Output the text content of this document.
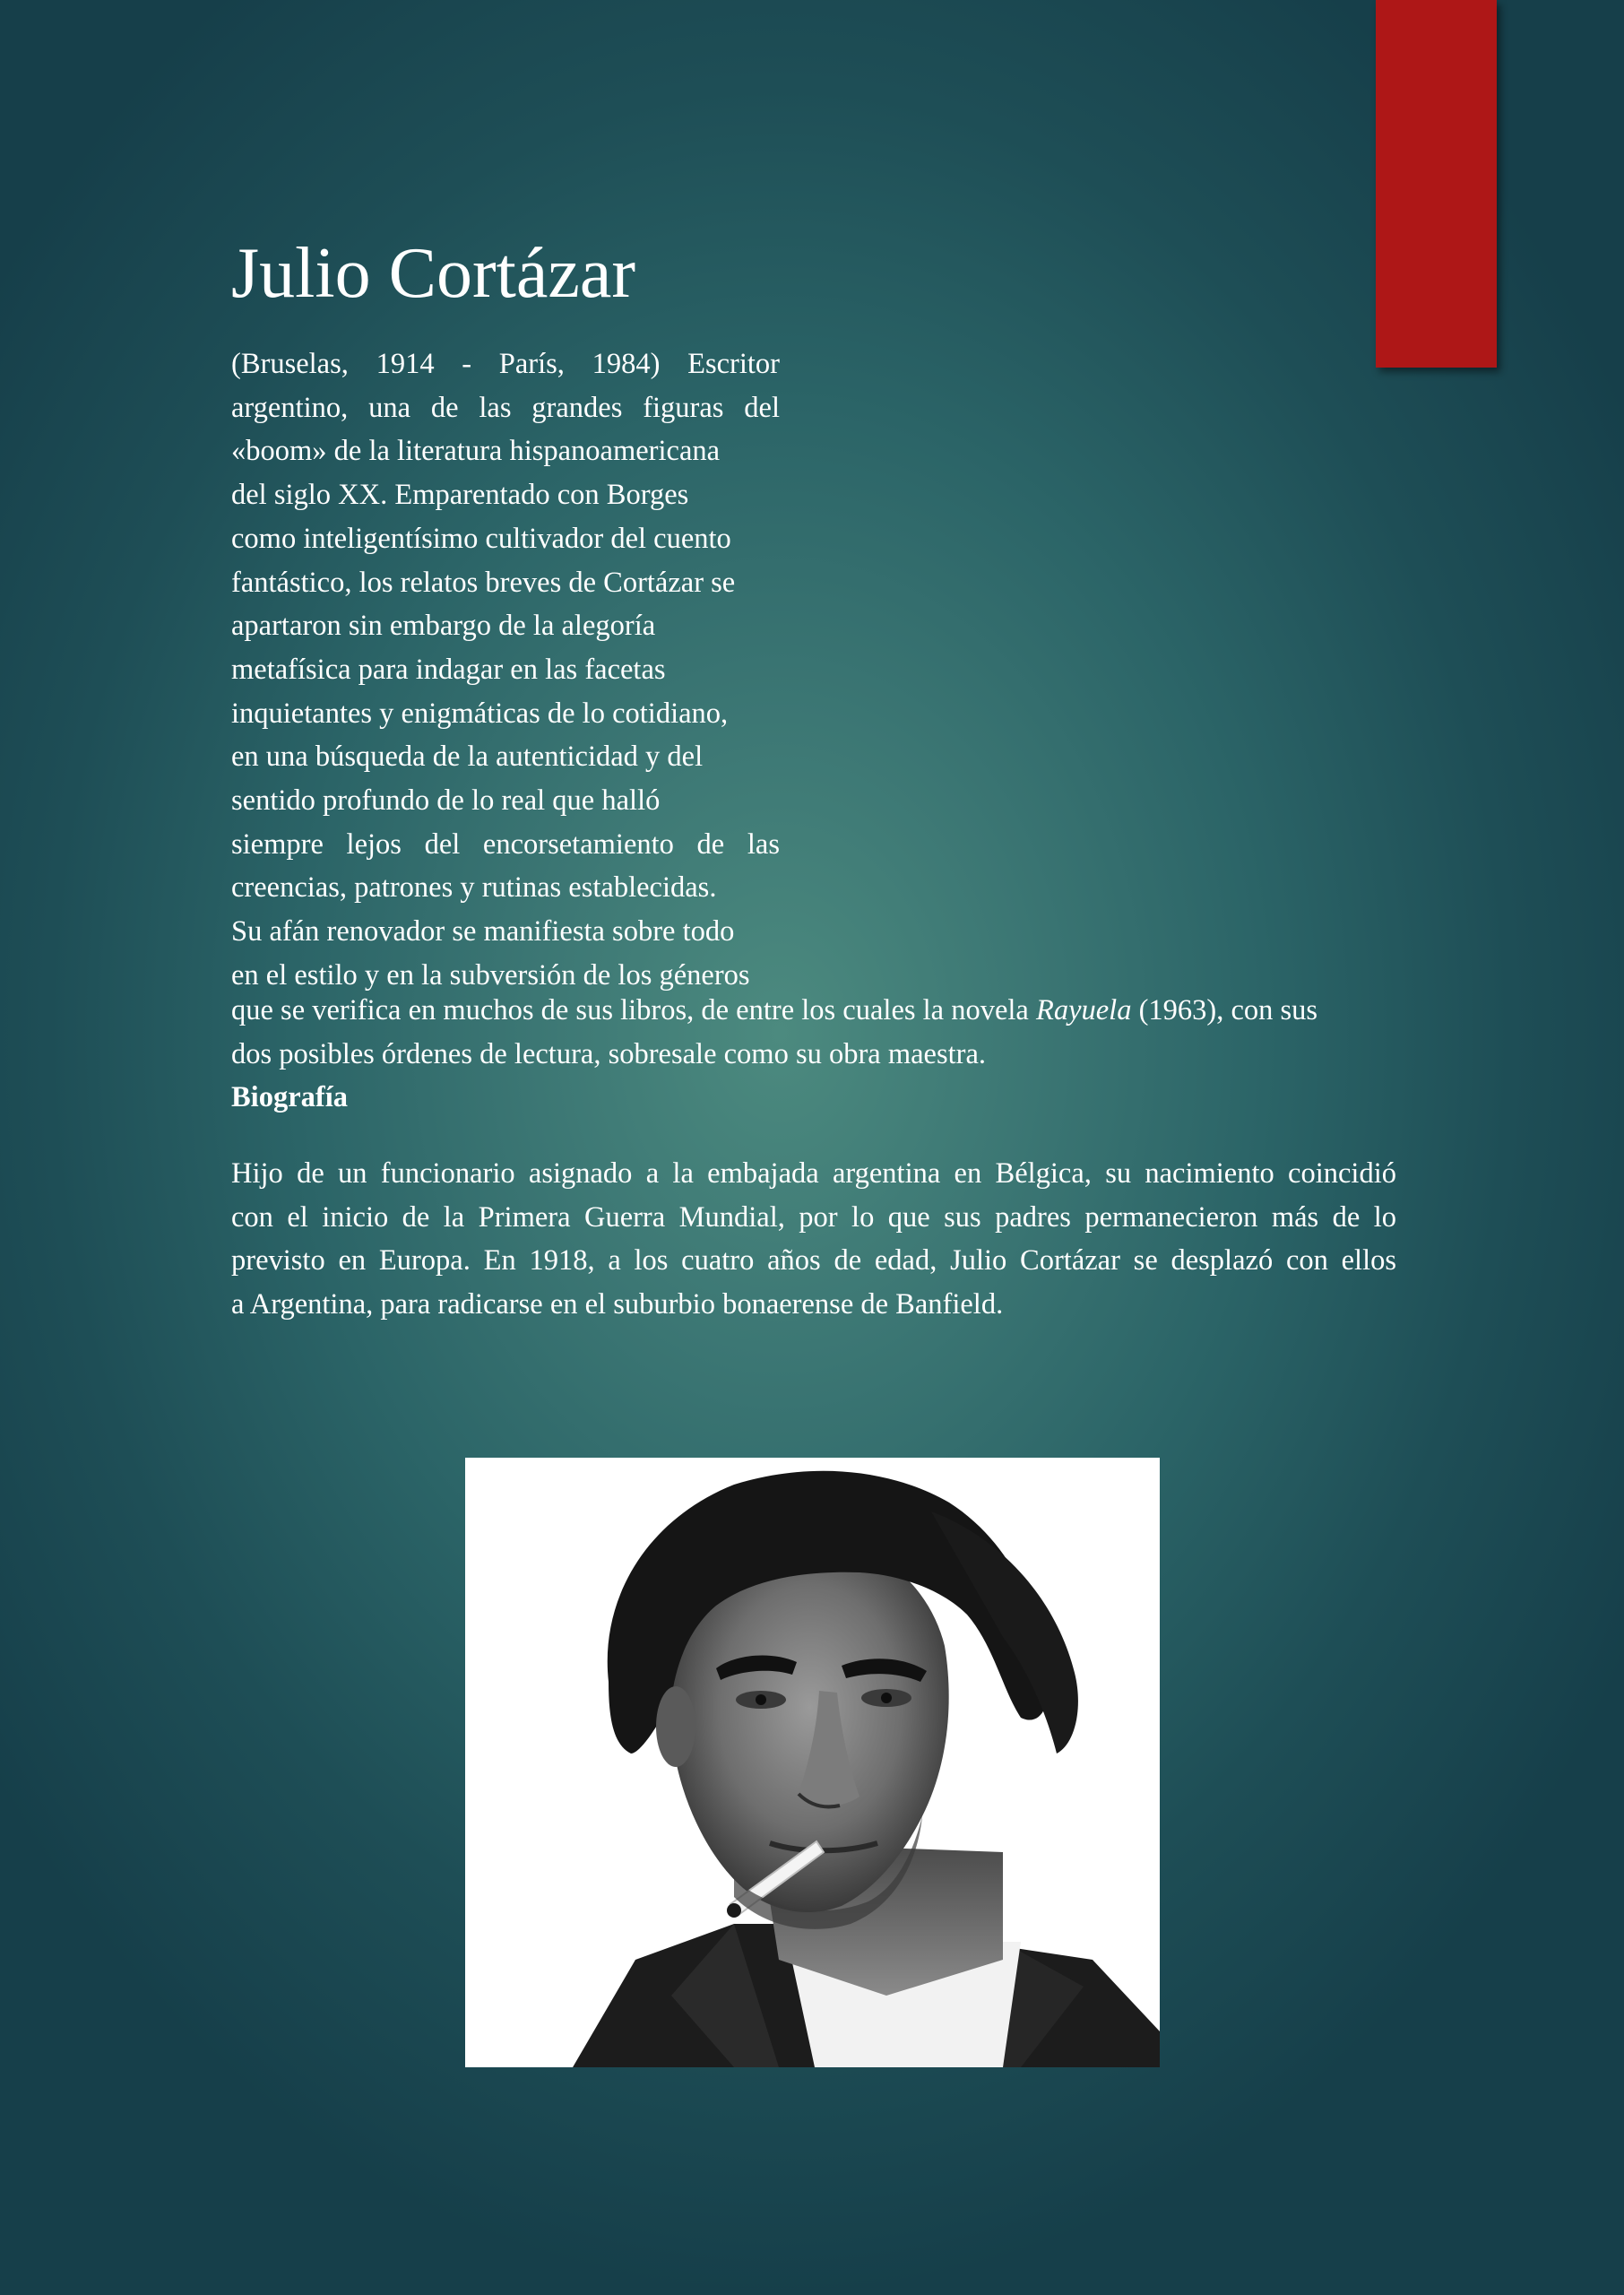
Julio Cortázar
(Bruselas, 1914 - París, 1984) Escritor
argentino, una de las grandes figuras del
«boom» de la literatura hispanoamericana
del siglo XX. Emparentado con Borges
como inteligentísimo cultivador del cuento
fantástico, los relatos breves de Cortázar se
apartaron sin embargo de la alegoría
metafísica para indagar en las facetas
inquietantes y enigmáticas de lo cotidiano,
en una búsqueda de la autenticidad y del
sentido profundo de lo real que halló
siempre lejos del encorsetamiento de las
creencias, patrones y rutinas establecidas.
Su afán renovador se manifiesta sobre todo
en el estilo y en la subversión de los géneros
que se verifica en muchos de sus libros, de entre los cuales la novela Rayuela (1963), con sus
dos posibles órdenes de lectura, sobresale como su obra maestra.
Biografía
Hijo de un funcionario asignado a la embajada argentina en Bélgica, su nacimiento coincidió
con el inicio de la Primera Guerra Mundial, por lo que sus padres permanecieron más de lo
previsto en Europa. En 1918, a los cuatro años de edad, Julio Cortázar se desplazó con ellos
a Argentina, para radicarse en el suburbio bonaerense de Banfield.
